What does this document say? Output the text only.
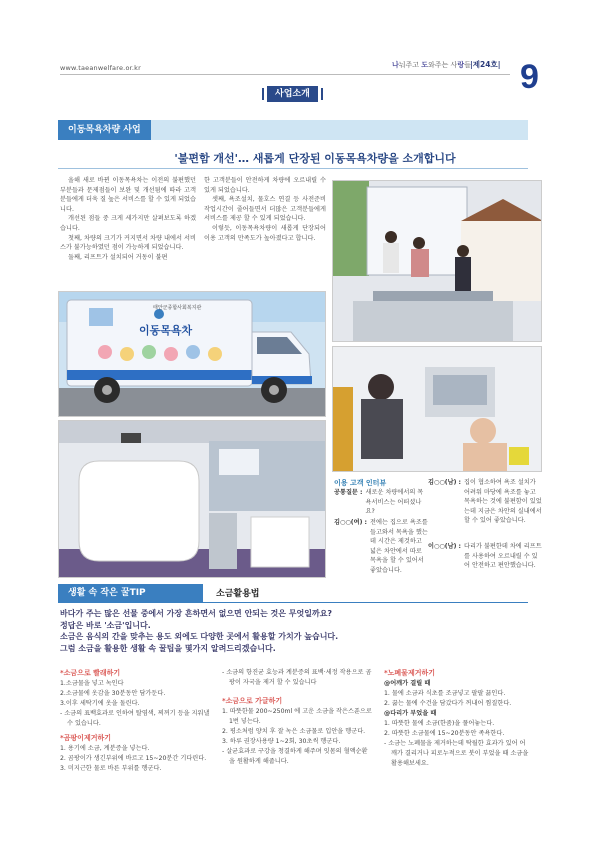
www.taeanwelfare.or.kr	나눠주고 도와주는 사랑들 |제24호| 9
사업소개
이동목욕차량 사업
'불편함 개선'… 새롭게 단장된 이동목욕차량을 소개합니다

올해 새로 바뀐 이동목욕차는 이전의 불편했던 부분들과 문제점들이 보완 및 개선됨에 따라 고객분들에게 더욱 질 높은 서비스를 할 수 있게 되었습니다.

개선된 점들 중 크게 세가지만 살펴보도록 하겠습니다.

첫째, 차량의 크기가 커지면서 차량 내에서 서비스가 불가능하였던 점이 가능하게 되었습니다.

둘째, 리프트가 설치되어 거동이 불편

한 고객분들이 안전하게 차량에 오르내릴 수 있게 되었습니다.

셋째, 욕조설치, 물호스 연결 등 사전준비 작업시간이 줄어들면서 더많은 고객분들에게 서비스를 제공 할 수 있게 되었습니다.

이렇듯, 이동목욕차량이 새롭게 단장되어 이용 고객의 만족도가 높아졌다고 합니다.

태안군종합사회복지관
이동목욕차
이용 고객 인터뷰
공통질문 : 새로운 차량에서의 목욕서비스는 어떠셨나요?
김○○(여) : 전에는 집으로 욕조를 들고와서 목욕을 했는데 시간은 제것하고 넓은 차안에서 따로 목욕을 할 수 있어서 좋았습니다.
김○○(남) : 집이 협소하여 욕조 설치가 어려워 마당에 욕조를 놓고 목욕하는 것에 불편함이 있었는데 지금은 차안의 실내에서 할 수 있어 좋았습니다.
이○○(남) : 다리가 불편한데 차에 리프트를 사용하여 오르내릴 수 있어 안전하고 편안했습니다.
생활 속 작은 꿀TIP	소금활용법
바다가 주는 많은 선물 중에서 가장 흔하면서 없으면 안되는 것은 무엇일까요?
정답은 바로 '소금'입니다.
소금은 음식의 간을 맞추는 용도 외에도 다양한 곳에서 활용할 가치가 높습니다.
그럼 소금을 활용한 생활 속 꿀팁을 몇가지 알려드리겠습니다.
*소금으로 빨래하기
1.소금물을 넣고 녹인다
2.소금물에 옷감을 30분동안 담가둔다.
3.이후 세탁기에 옷을 돌린다.
- 소금의 표백효과로 인하여 탈염색, 찌꺼기 등을 지워낼 수 있습니다.
*곰팡이제거하기
1. 용기에 소금, 계분증을 넣는다.
2. 곰팡이가 생긴부위에 바르고 15~20분간 기다린다.
3. 미지근한 물로 바른 부위를 헹군다.
- 소금의 항진균 효능과 계분증의 표백·세정 작용으로 곰팡이 자국을 제거 할 수 있습니다
*소금으로 가글하기
1. 따뜻한물 200~250ml 에 고운 소금을 작은스푼으로 1번 넣는다.
2. 평소처럼 양치 후 잘 녹은 소금물로 입안을 헹군다.
3. 하루 권장사용량 1~2회, 30초씩 헹군다.
- 살균효과로 구강을 청결하게 해주며 잇몸의 혈액순환을 원활하게 해줍니다.
*노폐물제거하기
@어깨가 결릴 때
1. 물에 소금과 식초를 조금넣고 팔팔 끓인다.
2. 끓는 물에 수건을 담갔다가 꺼내어 찜질한다.
@다리가 부었을 때
1. 따뜻한 물에 소금(한줌)을 풀어놓는다.
2. 따뜻한 소금물에 15~20분동안 족욕한다.
- 소금는 노폐물을 제거하는데 탁월한 효과가 있어 어깨가 결리거나 피로누적으로 붓이 부었을 때 소금을 활용해보세요.
